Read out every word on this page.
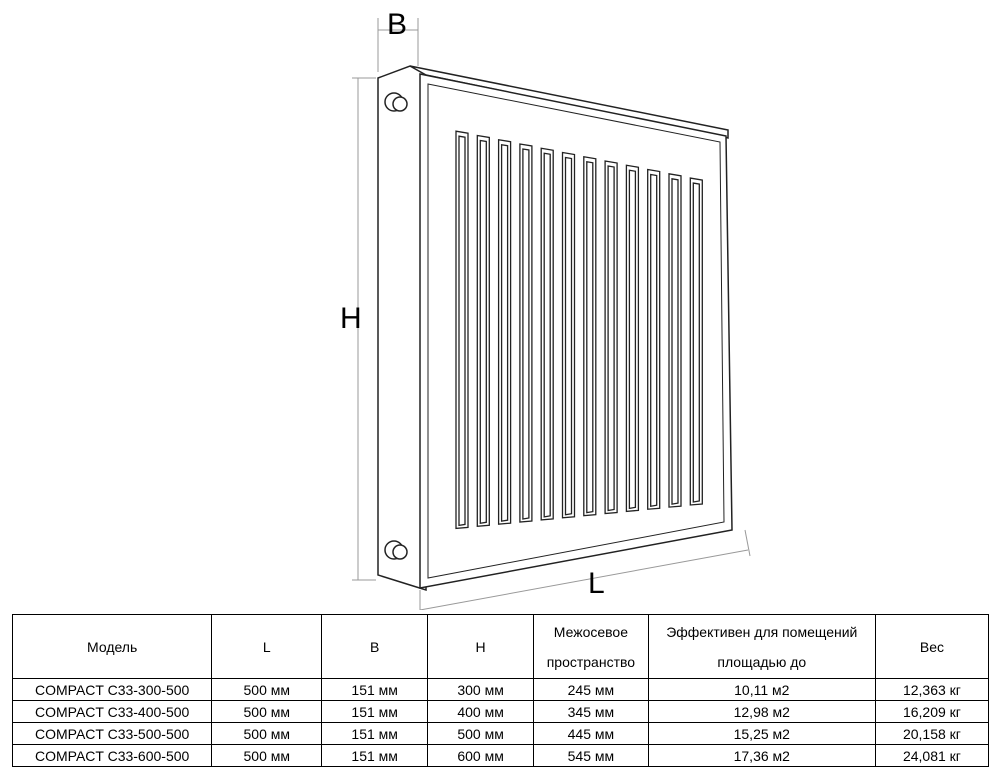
B
H
L
Модель	L	B	H	Межосевое пространство	Эффективен для помещений площадью до	Вес
COMPACT C33-300-500	500 мм	151 мм	300 мм	245 мм	10,11 м2	12,363 кг
COMPACT C33-400-500	500 мм	151 мм	400 мм	345 мм	12,98 м2	16,209 кг
COMPACT C33-500-500	500 мм	151 мм	500 мм	445 мм	15,25 м2	20,158 кг
COMPACT C33-600-500	500 мм	151 мм	600 мм	545 мм	17,36 м2	24,081 кг
